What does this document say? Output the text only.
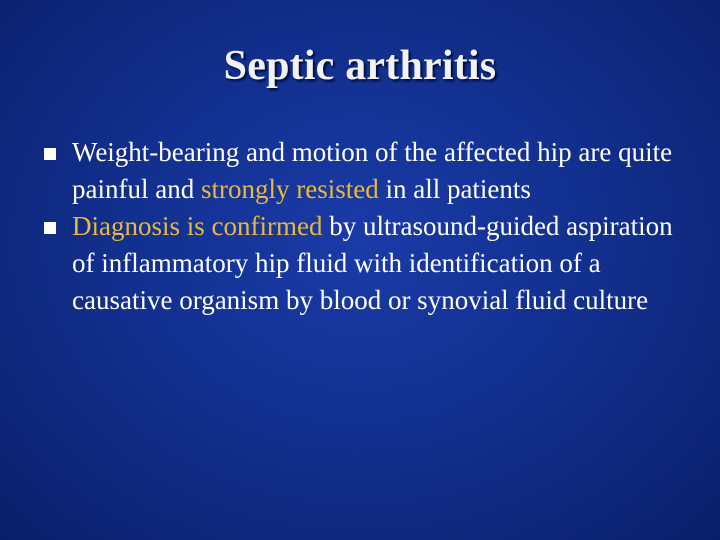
Septic arthritis
Weight-bearing and motion of the affected hip are quite painful and strongly resisted in all patients
Diagnosis is confirmed by ultrasound-guided aspiration of inflammatory hip fluid with identification of a causative organism by blood or synovial fluid culture
